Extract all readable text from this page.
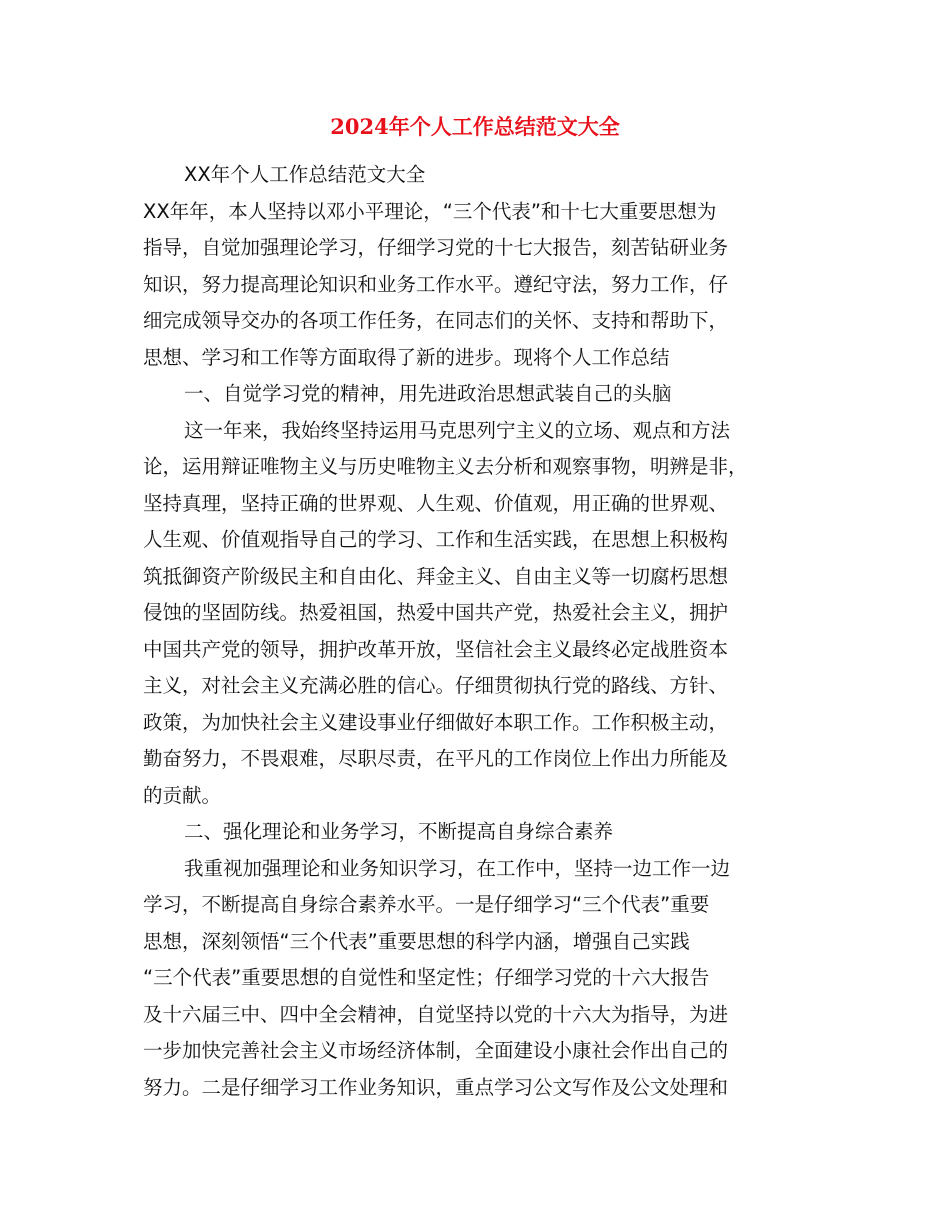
2024年个人工作总结范文大全
XX年个人工作总结范文大全
XX年年，本人坚持以邓小平理论，“三个代表”和十七大重要思想为
指导，自觉加强理论学习，仔细学习党的十七大报告，刻苦钻研业务
知识，努力提高理论知识和业务工作水平。遵纪守法，努力工作，仔
细完成领导交办的各项工作任务，在同志们的关怀、支持和帮助下，
思想、学习和工作等方面取得了新的进步。现将个人工作总结
一、自觉学习党的精神，用先进政治思想武装自己的头脑
这一年来，我始终坚持运用马克思列宁主义的立场、观点和方法
论，运用辩证唯物主义与历史唯物主义去分析和观察事物，明辨是非，
坚持真理，坚持正确的世界观、人生观、价值观，用正确的世界观、
人生观、价值观指导自己的学习、工作和生活实践，在思想上积极构
筑抵御资产阶级民主和自由化、拜金主义、自由主义等一切腐朽思想
侵蚀的坚固防线。热爱祖国，热爱中国共产党，热爱社会主义，拥护
中国共产党的领导，拥护改革开放，坚信社会主义最终必定战胜资本
主义，对社会主义充满必胜的信心。仔细贯彻执行党的路线、方针、
政策，为加快社会主义建设事业仔细做好本职工作。工作积极主动，
勤奋努力，不畏艰难，尽职尽责，在平凡的工作岗位上作出力所能及
的贡献。
二、强化理论和业务学习，不断提高自身综合素养
我重视加强理论和业务知识学习，在工作中，坚持一边工作一边
学习，不断提高自身综合素养水平。一是仔细学习“三个代表”重要
思想，深刻领悟“三个代表”重要思想的科学内涵，增强自己实践
“三个代表”重要思想的自觉性和坚定性；仔细学习党的十六大报告
及十六届三中、四中全会精神，自觉坚持以党的十六大为指导，为进
一步加快完善社会主义市场经济体制，全面建设小康社会作出自己的
努力。二是仔细学习工作业务知识，重点学习公文写作及公文处理和
